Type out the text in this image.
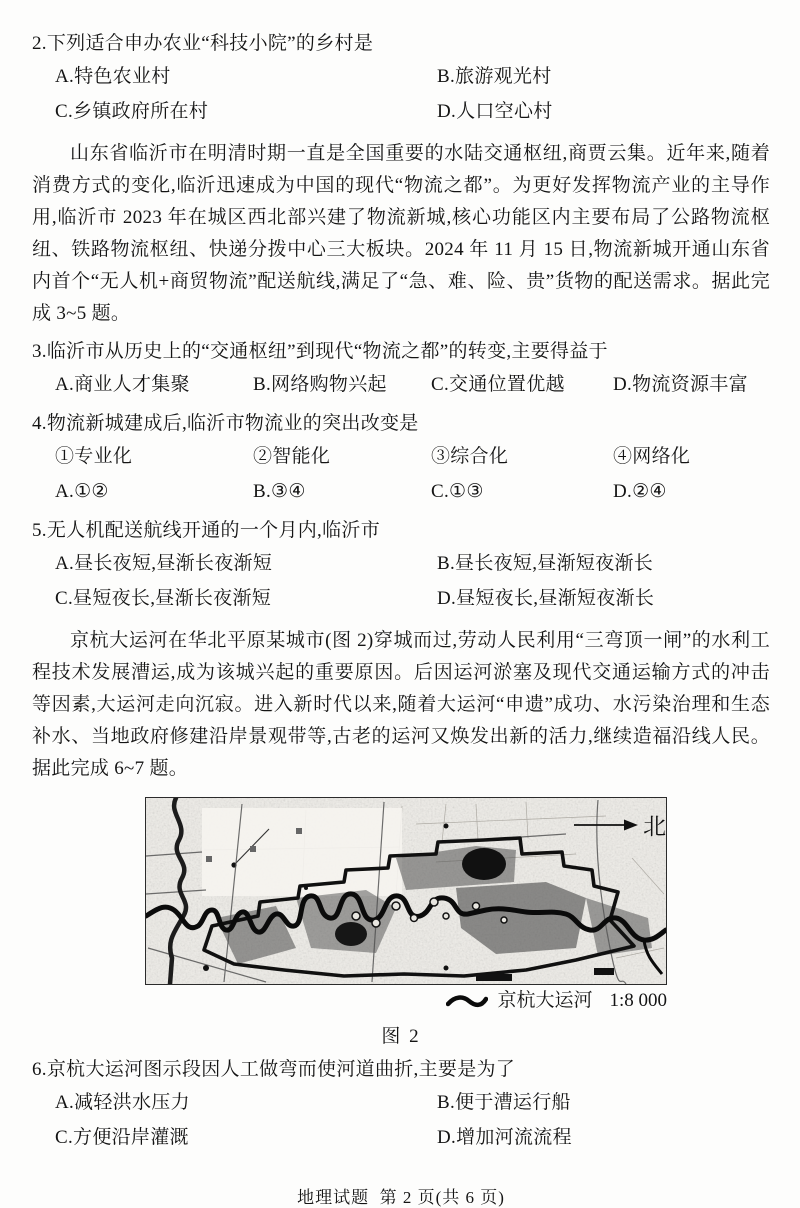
2.下列适合申办农业“科技小院”的乡村是
A.特色农业村	B.旅游观光村
C.乡镇政府所在村	D.人口空心村

山东省临沂市在明清时期一直是全国重要的水陆交通枢纽,商贾云集。近年来,随着消费方式的变化,临沂迅速成为中国的现代“物流之都”。为更好发挥物流产业的主导作用,临沂市 2023 年在城区西北部兴建了物流新城,核心功能区内主要布局了公路物流枢纽、铁路物流枢纽、快递分拨中心三大板块。2024 年 11 月 15 日,物流新城开通山东省内首个“无人机+商贸物流”配送航线,满足了“急、难、险、贵”货物的配送需求。据此完成 3~5 题。

3.临沂市从历史上的“交通枢纽”到现代“物流之都”的转变,主要得益于
A.商业人才集聚	B.网络购物兴起	C.交通位置优越	D.物流资源丰富
4.物流新城建成后,临沂市物流业的突出改变是
①专业化	②智能化	③综合化	④网络化
A.①②	B.③④	C.①③	D.②④
5.无人机配送航线开通的一个月内,临沂市
A.昼长夜短,昼渐长夜渐短	B.昼长夜短,昼渐短夜渐长
C.昼短夜长,昼渐长夜渐短	D.昼短夜长,昼渐短夜渐长

京杭大运河在华北平原某城市(图 2)穿城而过,劳动人民利用“三弯顶一闸”的水利工程技术发展漕运,成为该城兴起的重要原因。后因运河淤塞及现代交通运输方式的冲击等因素,大运河走向沉寂。进入新时代以来,随着大运河“申遗”成功、水污染治理和生态补水、当地政府修建沿岸景观带等,古老的运河又焕发出新的活力,继续造福沿线人民。据此完成 6~7 题。

北
京杭大运河 1:8 000
图 2
6.京杭大运河图示段因人工做弯而使河道曲折,主要是为了
A.减轻洪水压力	B.便于漕运行船
C.方便沿岸灌溉	D.增加河流流程
地理试题  第 2 页(共 6 页)
